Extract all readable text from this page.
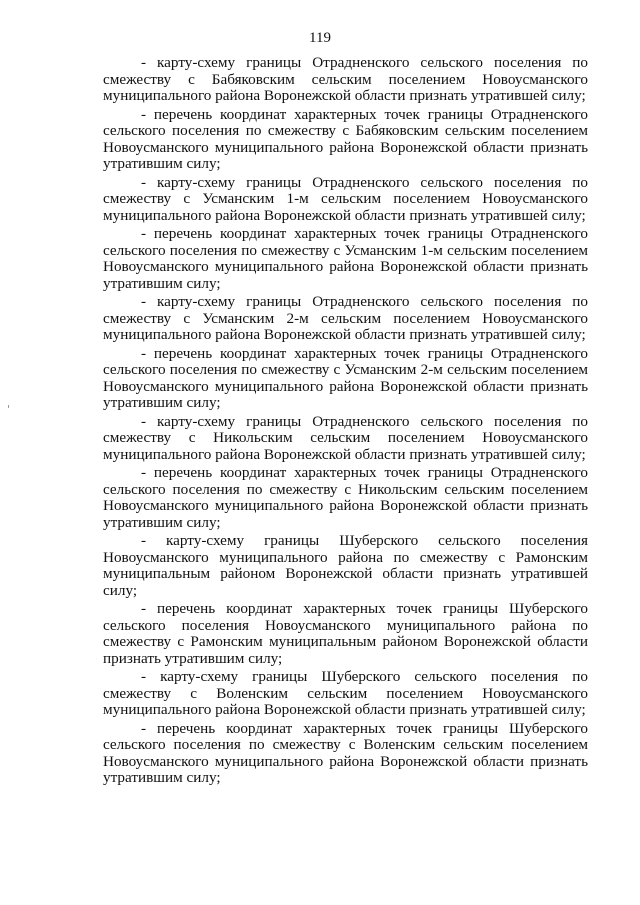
119

- карту-схему границы Отрадненского сельского поселения по смежеству с Бабяковским сельским поселением Новоусманского муниципального района Воронежской области признать утратившей силу;

- перечень координат характерных точек границы Отрадненского сельского поселения по смежеству с Бабяковским сельским поселением Новоусманского муниципального района Воронежской области признать утратившим силу;

- карту-схему границы Отрадненского сельского поселения по смежеству с Усманским 1-м сельским поселением Новоусманского муниципального района Воронежской области признать утратившей силу;

- перечень координат характерных точек границы Отрадненского сельского поселения по смежеству с Усманским 1-м сельским поселением Новоусманского муниципального района Воронежской области признать утратившим силу;

- карту-схему границы Отрадненского сельского поселения по смежеству с Усманским 2-м сельским поселением Новоусманского муниципального района Воронежской области признать утратившей силу;

- перечень координат характерных точек границы Отрадненского сельского поселения по смежеству с Усманским 2-м сельским поселением Новоусманского муниципального района Воронежской области признать утратившим силу;

- карту-схему границы Отрадненского сельского поселения по смежеству с Никольским сельским поселением Новоусманского муниципального района Воронежской области признать утратившей силу;

- перечень координат характерных точек границы Отрадненского сельского поселения по смежеству с Никольским сельским поселением Новоусманского муниципального района Воронежской области признать утратившим силу;

- карту-схему границы Шуберского сельского поселения Новоусманского муниципального района по смежеству с Рамонским муниципальным районом Воронежской области признать утратившей силу;

- перечень координат характерных точек границы Шуберского сельского поселения Новоусманского муниципального района по смежеству с Рамонским муниципальным районом Воронежской области признать утратившим силу;

- карту-схему границы Шуберского сельского поселения по смежеству с Воленским сельским поселением Новоусманского муниципального района Воронежской области признать утратившей силу;

- перечень координат характерных точек границы Шуберского сельского поселения по смежеству с Воленским сельским поселением Новоусманского муниципального района Воронежской области признать утратившим силу;
